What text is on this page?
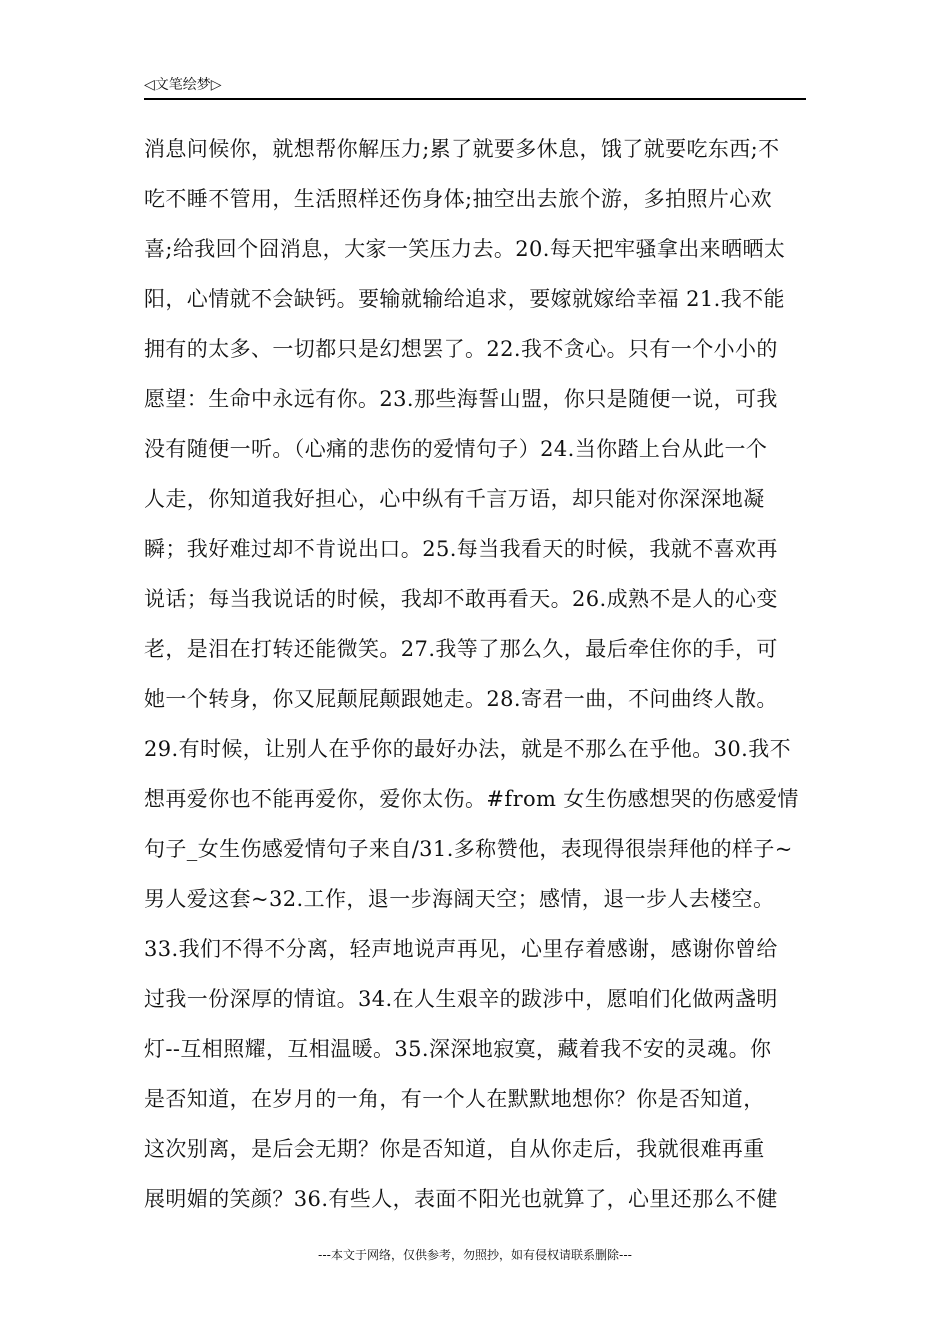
◁文笔绘梦▷
消息问候你，就想帮你解压力;累了就要多休息，饿了就要吃东西;不
吃不睡不管用，生活照样还伤身体;抽空出去旅个游，多拍照片心欢
喜;给我回个囧消息，大家一笑压力去。20.每天把牢骚拿出来晒晒太
阳，心情就不会缺钙。要输就输给追求，要嫁就嫁给幸福 21.我不能
拥有的太多、一切都只是幻想罢了。22.我不贪心。只有一个小小的
愿望：生命中永远有你。23.那些海誓山盟，你只是随便一说，可我
没有随便一听。（心痛的悲伤的爱情句子）24.当你踏上台从此一个
人走，你知道我好担心，心中纵有千言万语，却只能对你深深地凝
瞬；我好难过却不肯说出口。25.每当我看天的时候，我就不喜欢再
说话；每当我说话的时候，我却不敢再看天。26.成熟不是人的心变
老，是泪在打转还能微笑。27.我等了那么久，最后牵住你的手，可
她一个转身，你又屁颠屁颠跟她走。28.寄君一曲，不问曲终人散。
29.有时候，让别人在乎你的最好办法，就是不那么在乎他。30.我不
想再爱你也不能再爱你，爱你太伤。#from 女生伤感想哭的伤感爱情
句子_女生伤感爱情句子来自/31.多称赞他，表现得很崇拜他的样子~
男人爱这套~32.工作，退一步海阔天空；感情，退一步人去楼空。
33.我们不得不分离，轻声地说声再见，心里存着感谢，感谢你曾给
过我一份深厚的情谊。34.在人生艰辛的跋涉中，愿咱们化做两盏明
灯--互相照耀，互相温暖。35.深深地寂寞，藏着我不安的灵魂。你
是否知道，在岁月的一角，有一个人在默默地想你？你是否知道，
这次别离，是后会无期？你是否知道，自从你走后，我就很难再重
展明媚的笑颜？36.有些人，表面不阳光也就算了，心里还那么不健
---本文于网络，仅供参考，勿照抄，如有侵权请联系删除---
